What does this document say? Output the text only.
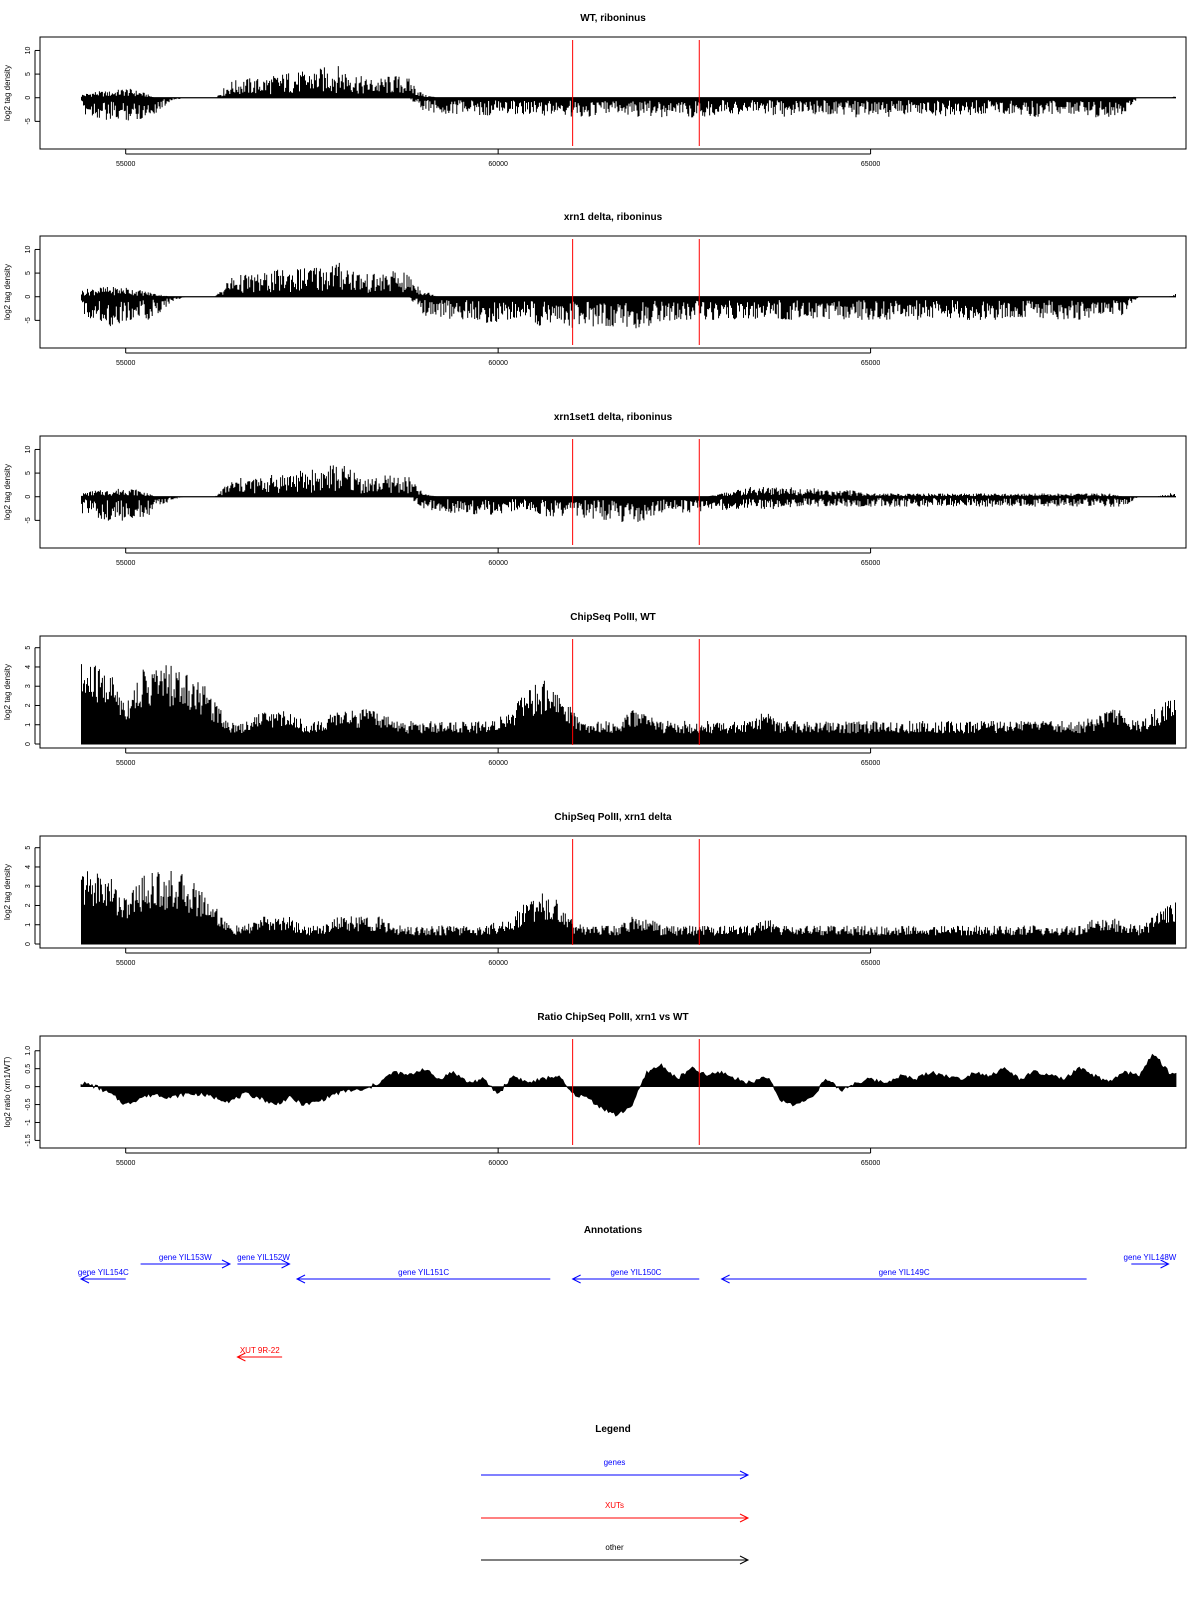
WT, riboninus
log2 tag density
-5
0
5
10
55000	60000	65000
xrn1 delta, riboninus
log2 tag density
-5
0
5
10
55000	60000	65000
xrn1set1 delta, riboninus
log2 tag density
-5
0
5
10
55000	60000	65000
ChipSeq PolII, WT
log2 tag density
0
1
2
3
4
5
55000	60000	65000
ChipSeq PolII, xrn1 delta
log2 tag density
0
1
2
3
4
5
55000	60000	65000
Ratio ChipSeq PolII, xrn1 vs WT
log2 ratio (xrn1/WT)
-1.5
-1
-0.5
0
0.5
1.0
55000	60000	65000
Annotations
gene YIL154C
gene YIL153W	gene YIL152W
gene YIL151C	gene YIL150C	gene YIL149C
gene YIL148W
XUT 9R-22
Legend
genes
XUTs
other
